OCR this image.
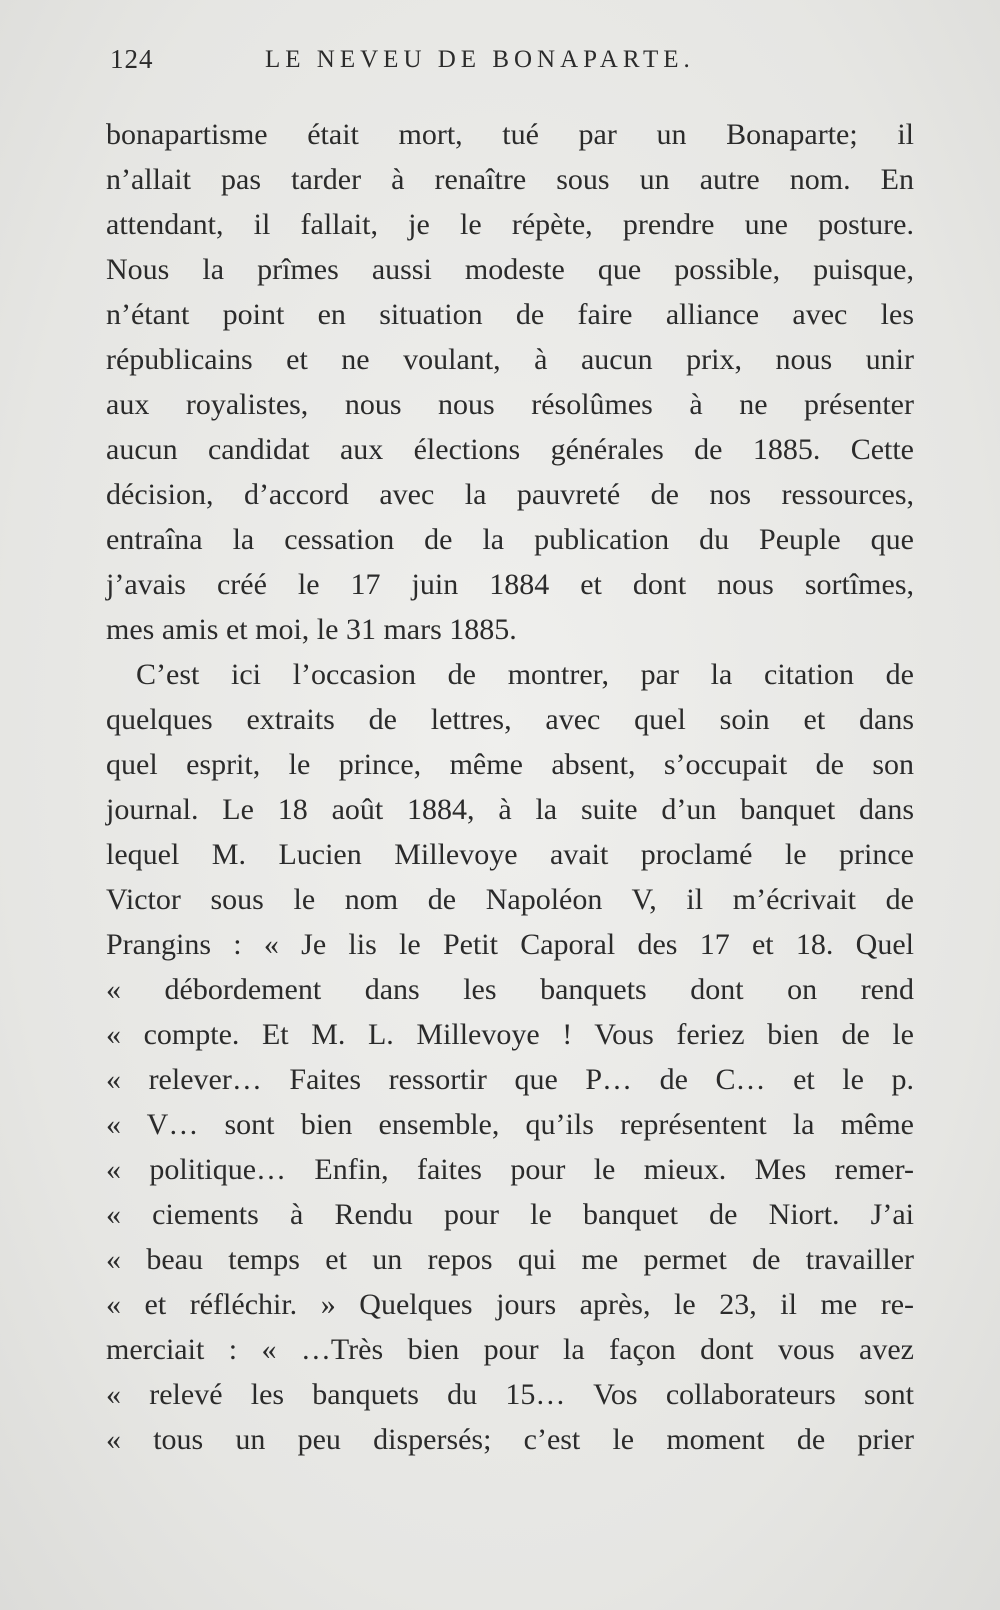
124	LE NEVEU DE BONAPARTE.
bonapartisme était mort, tué par un Bonaparte; il
n’allait pas tarder à renaître sous un autre nom. En
attendant, il fallait, je le répète, prendre une posture.
Nous la prîmes aussi modeste que possible, puisque,
n’étant point en situation de faire alliance avec les
républicains et ne voulant, à aucun prix, nous unir
aux royalistes, nous nous résolûmes à ne présenter
aucun candidat aux élections générales de 1885. Cette
décision, d’accord avec la pauvreté de nos ressources,
entraîna la cessation de la publication du Peuple que
j’avais créé le 17 juin 1884 et dont nous sortîmes,
mes amis et moi, le 31 mars 1885.
C’est ici l’occasion de montrer, par la citation de
quelques extraits de lettres, avec quel soin et dans
quel esprit, le prince, même absent, s’occupait de son
journal. Le 18 août 1884, à la suite d’un banquet dans
lequel M. Lucien Millevoye avait proclamé le prince
Victor sous le nom de Napoléon V, il m’écrivait de
Prangins : « Je lis le Petit Caporal des 17 et 18. Quel
« débordement dans les banquets dont on rend
« compte. Et M. L. Millevoye ! Vous feriez bien de le
« relever… Faites ressortir que P… de C… et le p.
« V… sont bien ensemble, qu’ils représentent la même
« politique… Enfin, faites pour le mieux. Mes remer-
« ciements à Rendu pour le banquet de Niort. J’ai
« beau temps et un repos qui me permet de travailler
« et réfléchir. » Quelques jours après, le 23, il me re-
merciait : « …Très bien pour la façon dont vous avez
« relevé les banquets du 15… Vos collaborateurs sont
« tous un peu dispersés; c’est le moment de prier
